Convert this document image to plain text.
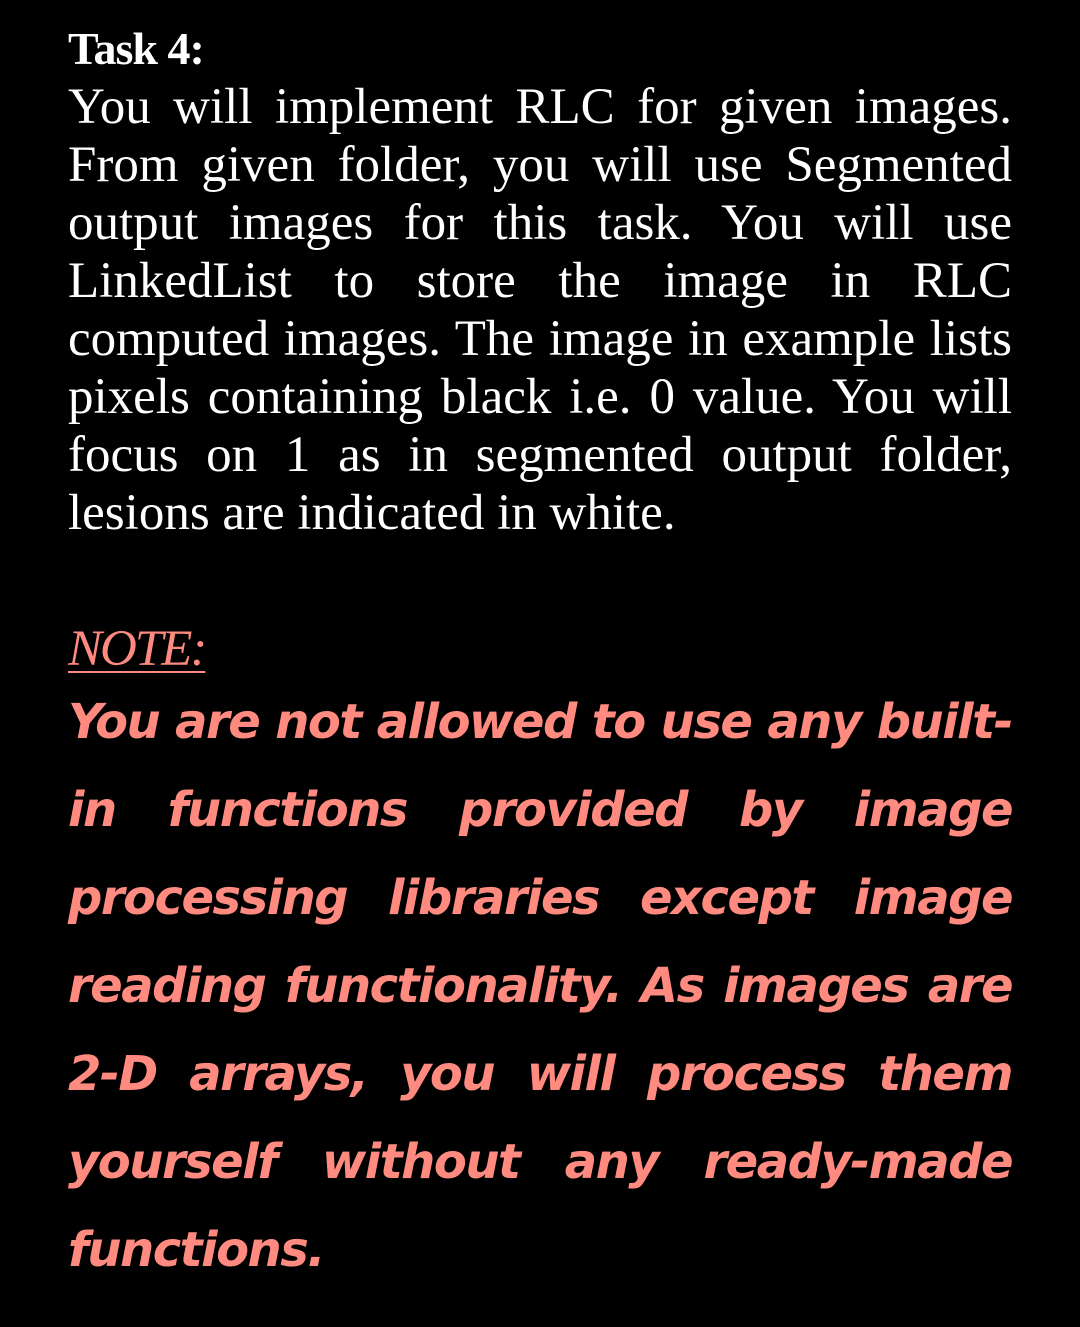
Task 4:

You will implement RLC for given images. From given folder, you will use Segmented output images for this task. You will use LinkedList to store the image in RLC computed images. The image in example lists pixels containing black i.e. 0 value. You will focus on 1 as in segmented output folder, lesions are indicated in white.

NOTE:

You are not allowed to use any built-in functions provided by image processing libraries except image reading functionality. As images are 2-D arrays, you will process them yourself without any ready-made functions.
